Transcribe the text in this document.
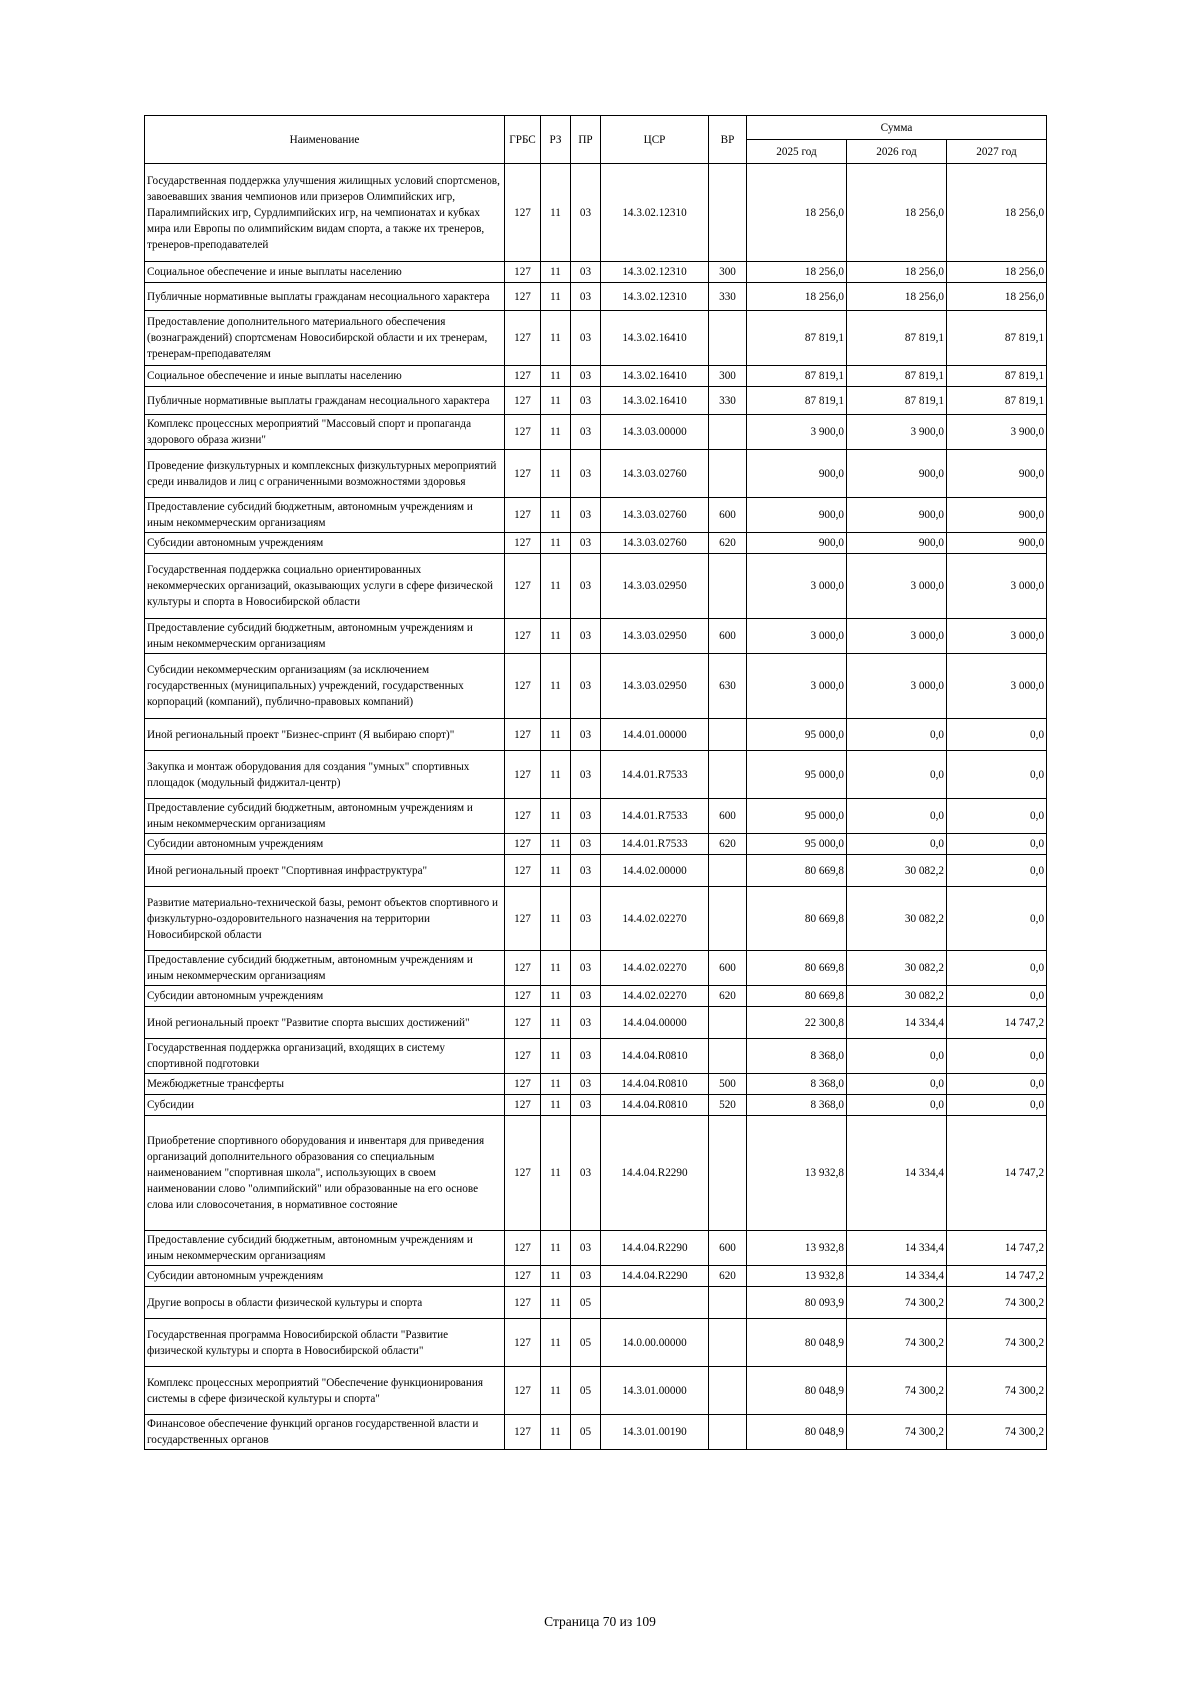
Наименование	ГРБС	РЗ	ПР	ЦСР	ВР	Сумма		
						2025 год	2026 год	2027 год
Государственная поддержка улучшения жилищных условий спортсменов, завоевавших звания чемпионов или призеров Олимпийских игр, Паралимпийских игр, Сурдлимпийских игр, на чемпионатах и кубках мира или Европы по олимпийским видам спорта, а также их тренеров, тренеров-преподавателей	127	11	03	14.3.02.12310		18 256,0	18 256,0	18 256,0
Социальное обеспечение и иные выплаты населению	127	11	03	14.3.02.12310	300	18 256,0	18 256,0	18 256,0
Публичные нормативные выплаты гражданам несоциального характера	127	11	03	14.3.02.12310	330	18 256,0	18 256,0	18 256,0
Предоставление дополнительного материального обеспечения (вознаграждений) спортсменам Новосибирской области и их тренерам, тренерам-преподавателям	127	11	03	14.3.02.16410		87 819,1	87 819,1	87 819,1
Социальное обеспечение и иные выплаты населению	127	11	03	14.3.02.16410	300	87 819,1	87 819,1	87 819,1
Публичные нормативные выплаты гражданам несоциального характера	127	11	03	14.3.02.16410	330	87 819,1	87 819,1	87 819,1
Комплекс процессных мероприятий "Массовый спорт и пропаганда здорового образа жизни"	127	11	03	14.3.03.00000		3 900,0	3 900,0	3 900,0
Проведение физкультурных и комплексных физкультурных мероприятий среди инвалидов и лиц с ограниченными возможностями здоровья	127	11	03	14.3.03.02760		900,0	900,0	900,0
Предоставление субсидий бюджетным, автономным учреждениям и иным некоммерческим организациям	127	11	03	14.3.03.02760	600	900,0	900,0	900,0
Субсидии автономным учреждениям	127	11	03	14.3.03.02760	620	900,0	900,0	900,0
Государственная поддержка социально ориентированных некоммерческих организаций, оказывающих услуги в сфере физической культуры и спорта в Новосибирской области	127	11	03	14.3.03.02950		3 000,0	3 000,0	3 000,0
Предоставление субсидий бюджетным, автономным учреждениям и иным некоммерческим организациям	127	11	03	14.3.03.02950	600	3 000,0	3 000,0	3 000,0
Субсидии некоммерческим организациям (за исключением государственных (муниципальных) учреждений, государственных корпораций (компаний), публично-правовых компаний)	127	11	03	14.3.03.02950	630	3 000,0	3 000,0	3 000,0
Иной региональный проект "Бизнес-спринт (Я выбираю спорт)"	127	11	03	14.4.01.00000		95 000,0	0,0	0,0
Закупка и монтаж оборудования для создания "умных" спортивных площадок (модульный фиджитал-центр)	127	11	03	14.4.01.R7533		95 000,0	0,0	0,0
Предоставление субсидий бюджетным, автономным учреждениям и иным некоммерческим организациям	127	11	03	14.4.01.R7533	600	95 000,0	0,0	0,0
Субсидии автономным учреждениям	127	11	03	14.4.01.R7533	620	95 000,0	0,0	0,0
Иной региональный проект "Спортивная инфраструктура"	127	11	03	14.4.02.00000		80 669,8	30 082,2	0,0
Развитие материально-технической базы, ремонт объектов спортивного и физкультурно-оздоровительного назначения на территории Новосибирской области	127	11	03	14.4.02.02270		80 669,8	30 082,2	0,0
Предоставление субсидий бюджетным, автономным учреждениям и иным некоммерческим организациям	127	11	03	14.4.02.02270	600	80 669,8	30 082,2	0,0
Субсидии автономным учреждениям	127	11	03	14.4.02.02270	620	80 669,8	30 082,2	0,0
Иной региональный проект "Развитие спорта высших достижений"	127	11	03	14.4.04.00000		22 300,8	14 334,4	14 747,2
Государственная поддержка организаций, входящих в систему спортивной подготовки	127	11	03	14.4.04.R0810		8 368,0	0,0	0,0
Межбюджетные трансферты	127	11	03	14.4.04.R0810	500	8 368,0	0,0	0,0
Субсидии	127	11	03	14.4.04.R0810	520	8 368,0	0,0	0,0
Приобретение спортивного оборудования и инвентаря для приведения организаций дополнительного образования со специальным наименованием "спортивная школа", использующих в своем наименовании слово "олимпийский" или образованные на его основе слова или словосочетания, в нормативное состояние	127	11	03	14.4.04.R2290		13 932,8	14 334,4	14 747,2
Предоставление субсидий бюджетным, автономным учреждениям и иным некоммерческим организациям	127	11	03	14.4.04.R2290	600	13 932,8	14 334,4	14 747,2
Субсидии автономным учреждениям	127	11	03	14.4.04.R2290	620	13 932,8	14 334,4	14 747,2
Другие вопросы в области физической культуры и спорта	127	11	05			80 093,9	74 300,2	74 300,2
Государственная программа Новосибирской области "Развитие физической культуры и спорта в Новосибирской области"	127	11	05	14.0.00.00000		80 048,9	74 300,2	74 300,2
Комплекс процессных мероприятий "Обеспечение функционирования системы в сфере физической культуры и спорта"	127	11	05	14.3.01.00000		80 048,9	74 300,2	74 300,2
Финансовое обеспечение функций органов государственной власти и государственных органов	127	11	05	14.3.01.00190		80 048,9	74 300,2	74 300,2
Страница 70 из 109
